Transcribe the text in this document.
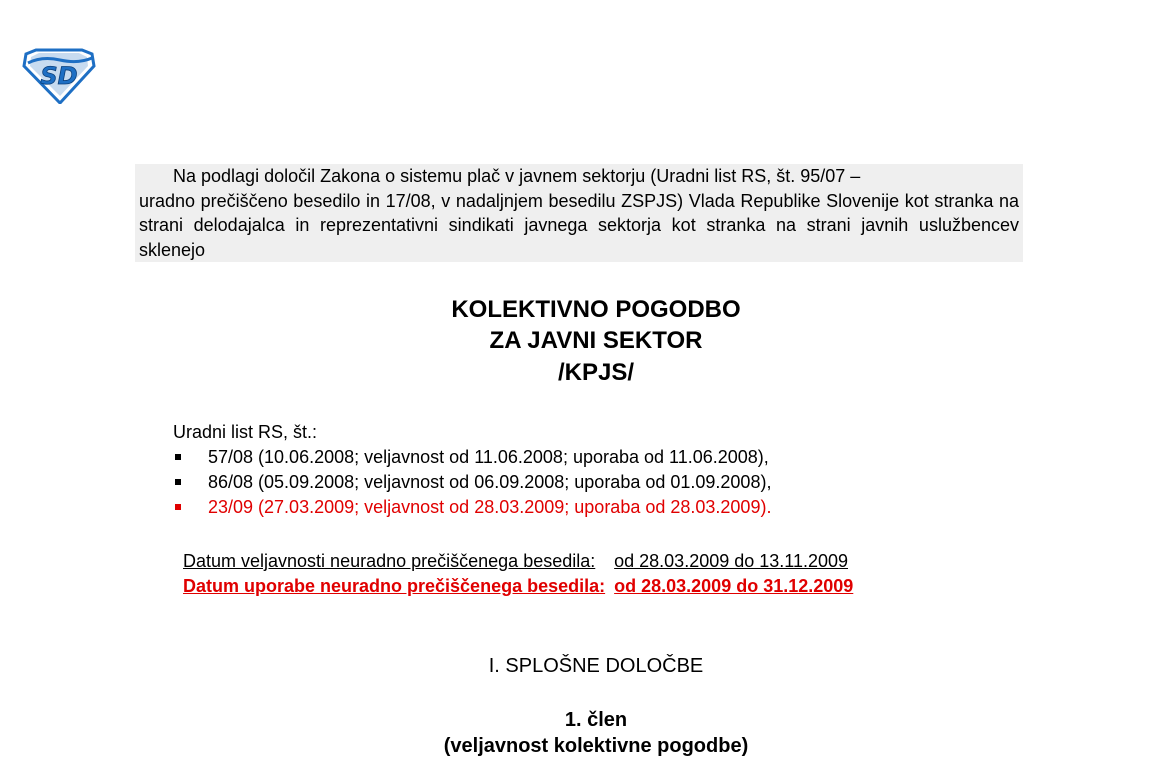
SD
Na podlagi določil Zakona o sistemu plač v javnem sektorju (Uradni list RS, št. 95/07 –
uradno prečiščeno besedilo in 17/08, v nadaljnjem besedilu ZSPJS) Vlada Republike Slovenije kot stranka na strani delodajalca in reprezentativni sindikati javnega sektorja kot stranka na strani javnih uslužbencev sklenejo
KOLEKTIVNO POGODBO
ZA JAVNI SEKTOR
/KPJS/
Uradni list RS, št.:
57/08 (10.06.2008; veljavnost od 11.06.2008; uporaba od 11.06.2008),
86/08 (05.09.2008; veljavnost od 06.09.2008; uporaba od 01.09.2008),
23/09 (27.03.2009; veljavnost od 28.03.2009; uporaba od 28.03.2009).
Datum veljavnosti neuradno prečiščenega besedila:	od 28.03.2009 do 13.11.2009
Datum uporabe neuradno prečiščenega besedila:	od 28.03.2009 do 31.12.2009
I. SPLOŠNE DOLOČBE
1. člen
(veljavnost kolektivne pogodbe)
